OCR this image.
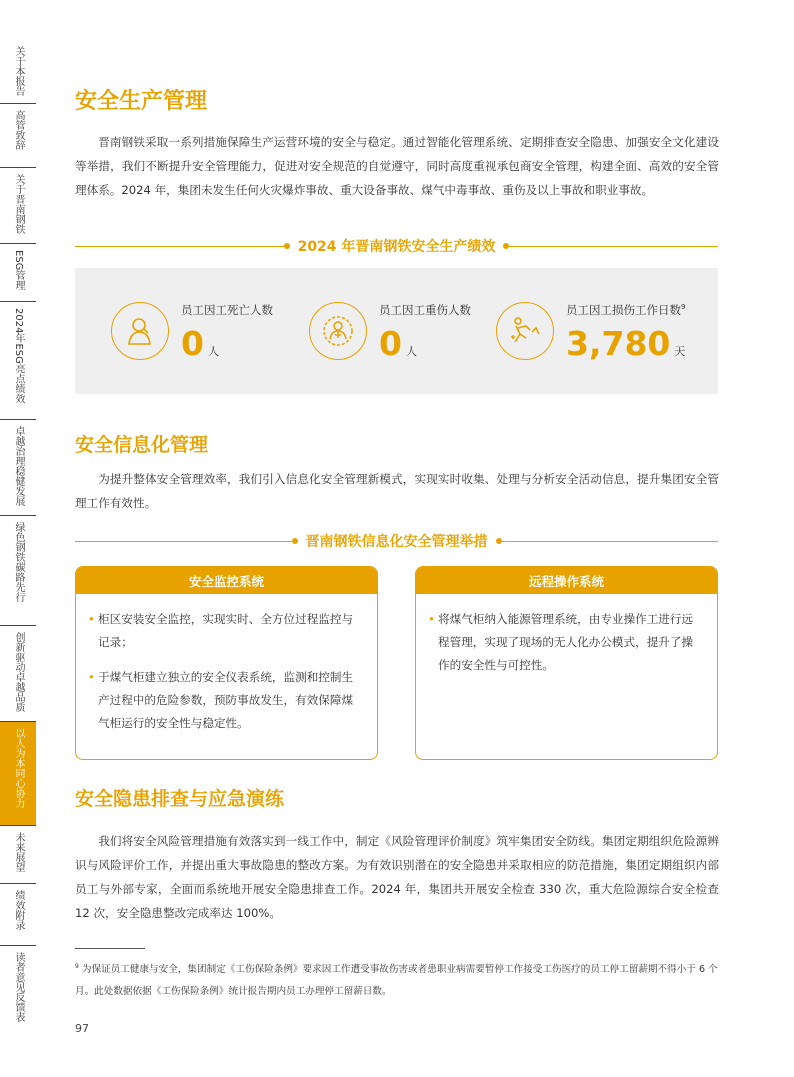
关于本报告
高管致辞
关于晋南钢铁
ESG管理
2024年ESG亮点绩效
卓越治理稳健发展
绿色钢铁碳路先行
创新驱动卓越品质
以人为本同心协力
未来展望
绩效附录
读者意见反馈表
安全生产管理

晋南钢铁采取一系列措施保障生产运营环境的安全与稳定。通过智能化管理系统、定期排查安全隐患、加强安全文化建设等举措，我们不断提升安全管理能力，促进对安全规范的自觉遵守，同时高度重视承包商安全管理，构建全面、高效的安全管理体系。2024 年，集团未发生任何火灾爆炸事故、重大设备事故、煤气中毒事故、重伤及以上事故和职业事故。

2024 年晋南钢铁安全生产绩效
员工因工死亡人数
0 人
员工因工重伤人数
0 人
员工因工损伤工作日数$^9$
3,780 天
安全信息化管理

为提升整体安全管理效率，我们引入信息化安全管理新模式，实现实时收集、处理与分析安全活动信息，提升集团安全管理工作有效性。

晋南钢铁信息化安全管理举措
安全监控系统
• 柜区安装安全监控，实现实时、全方位过程监控与记录；
• 于煤气柜建立独立的安全仪表系统，监测和控制生产过程中的危险参数，预防事故发生，有效保障煤气柜运行的安全性与稳定性。
远程操作系统
• 将煤气柜纳入能源管理系统，由专业操作工进行远程管理，实现了现场的无人化办公模式，提升了操作的安全性与可控性。
安全隐患排查与应急演练

我们将安全风险管理措施有效落实到一线工作中，制定《风险管理评价制度》筑牢集团安全防线。集团定期组织危险源辨识与风险评价工作，并提出重大事故隐患的整改方案。为有效识别潜在的安全隐患并采取相应的防范措施，集团定期组织内部员工与外部专家，全面而系统地开展安全隐患排查工作。2024 年，集团共开展安全检查 330 次，重大危险源综合安全检查 12 次，安全隐患整改完成率达 100%。

$^9$ 为保证员工健康与安全，集团制定《工伤保险条例》要求因工作遭受事故伤害或者患职业病需要暂停工作接受工伤医疗的员工停工留薪期不得小于 6 个月。此处数据依据《工伤保险条例》统计报告期内员工办理停工留薪日数。

97
